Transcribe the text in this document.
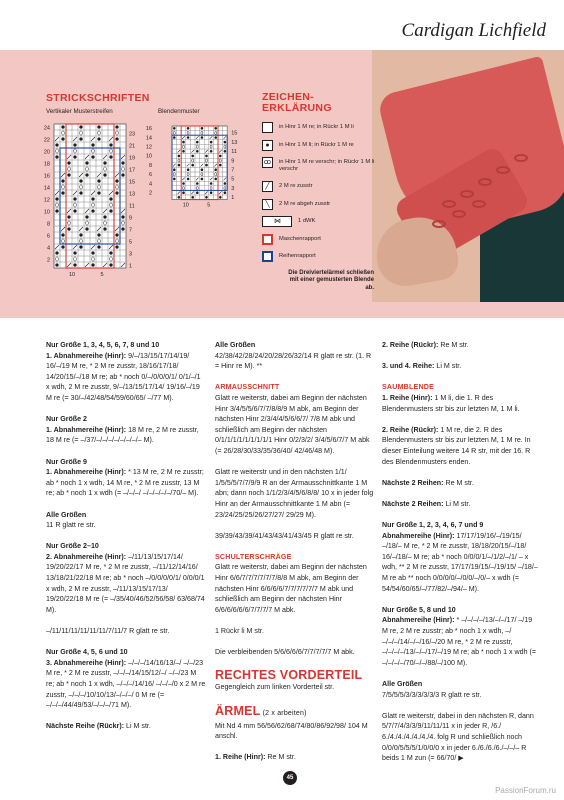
Cardigan Lichfield
STRICKSCHRIFTEN
Vertikaler Musterstreifen	Blendenmuster
24
22
20
18
16
14
12
10
8
6
4
2
23
21
19
17
15
13
11
9
7
5
3
1
10	5
16
14
12
10
8
6
4
2
15
13
11
9
7
5
3
1
10	5
ZEICHEN-
ERKLÄRUNG
in Hinr 1 M re; in Rückr 1 M li
●	in Hinr 1 M li; in Rückr 1 M re
ꝏ	in Hinr 1 M re verschr; in Rückr 1 M li verschr
╱	2 M re zusstr
╲	2 M re abgeh zusstr
⋈	1 dWK
Maschenrapport
Reihenrapport
Die Dreiviertelärmel schließen mit einer gemusterten Blende ab.

Nur Größe 1, 3, 4, 5, 6, 7, 8 und 10

1. Abnahmereihe (Hinr): 9/–/13/15/17/14/19/ 16/–/19 M re, * 2 M re zusstr, 18/16/17/18/ 14/20/15/–/18 M re; ab * noch 0/–/0/0/0/1/ 0/1/–/1 x wdh, 2 M re zusstr, 9/–/13/15/17/14/ 19/16/–/19 M re (= 30/–/42/48/54/59/60/65/ –/77 M).

Nur Größe 2

1. Abnahmereihe (Hinr): 18 M re, 2 M re zusstr, 18 M re (= –/37/–/–/–/–/–/–/–/– M).

Nur Größe 9

1. Abnahmereihe (Hinr): * 13 M re, 2 M re zusstr; ab * noch 1 x wdh, 14 M re, * 2 M re zusstr, 13 M re; ab * noch 1 x wdh (= –/–/–/ –/–/–/–/–/70/– M).

Alle Größen

11 R glatt re str.

Nur Größe 2–10

2. Abnahmereihe (Hinr): –/11/13/15/17/14/ 19/20/22/17 M re, * 2 M re zusstr, –/11/12/14/16/ 13/18/21/22/18 M re; ab * noch –/0/0/0/0/1/ 0/0/0/1 x wdh, 2 M re zusstr, –/11/13/15/17/13/ 19/20/22/18 M re (= –/35/40/46/52/56/58/ 63/68/74 M).

–/11/11/11/11/11/11/7/11/7 R glatt re str.

Nur Größe 4, 5, 6 und 10

3. Abnahmereihe (Hinr): –/–/–/14/16/13/–/ –/–/23 M re, * 2 M re zusstr, –/–/–/14/15/12/–/ –/–/23 M re; ab * noch 1 x wdh, –/–/–/14/16/ –/–/–/0 x 2 M re zusstr, –/–/–/10/10/13/–/–/–/ 0 M re (= –/–/–/44/49/53/–/–/–/71 M).

Nächste Reihe (Rückr): Li M str.

Alle Größen

42/38/42/28/24/20/28/26/32/14 R glatt re str. (1. R = Hinr re M). **

ARMAUSSCHNITT

Glatt re weiterstr, dabei am Beginn der nächsten Hinr 3/4/5/5/6/7/7/8/8/9 M abk, am Beginn der nächsten Hinr 2/3/4/4/5/6/6/7/ 7/8 M abk und schließlich am Beginn der nächsten 0/1/1/1/1/1/1/1/1/1 Hinr 0/2/3/2/ 3/4/5/6/7/7 M abk (= 26/28/30/33/35/36/40/ 42/46/48 M).

Glatt re weiterstr und in den nächsten 1/1/ 1/5/5/5/7/7/9/9 R an der Armausschnittkante 1 M abn; dann noch 1/1/2/3/4/5/6/8/8/ 10 x in jeder folg Hinr an der Armausschnittkante 1 M abn (= 23/24/25/25/26/27/27/ 29/29 M).

39/39/43/39/41/43/43/41/43/45 R glatt re str.

SCHULTERSCHRÄGE

Glatt re weiterstr, dabei am Beginn der nächsten Hinr 6/6/7/7/7/7/7/7/8/8 M abk, am Beginn der nächsten Hinr 6/6/6/6/7/7/7/7/7/7 M abk und schließlich am Beginn der nächsten Hinr 6/6/6/6/6/6/7/7/7/7 M abk.

1 Rückr li M str.

Die verbleibenden 5/6/6/6/6/7/7/7/7/7 M abk.

RECHTES VORDERTEIL

Gegengleich zum linken Vorderteil str.

ÄRMEL (2 x arbeiten)

Mit Nd 4 mm 56/56/62/68/74/80/86/92/98/ 104 M anschl.

1. Reihe (Hinr): Re M str.

2. Reihe (Rückr): Re M str.

3. und 4. Reihe: Li M str.

SAUMBLENDE

1. Reihe (Hinr): 1 M li, die 1. R des Blendenmusters str bis zur letzten M, 1 M li.

2. Reihe (Rückr): 1 M re, die 2. R des Blendenmusters str bis zur letzten M, 1 M re. In dieser Einteilung weitere 14 R str, mit der 16. R des Blendenmusters enden.

Nächste 2 Reihen: Re M str.

Nächste 2 Reihen: Li M str.

Nur Größe 1, 2, 3, 4, 6, 7 und 9

Abnahmereihe (Hinr): 17/17/19/16/–/19/15/ –/18/– M re, * 2 M re zusstr, 18/18/20/15/–/18/ 16/–/18/– M re; ab * noch 0/0/0/1/–/1/2/–/1/ – x wdh, ** 2 M re zusstr, 17/17/19/15/–/19/15/ –/18/– M re ab ** noch 0/0/0/0/–/0/0/–/0/– x wdh (= 54/54/60/65/–/77/82/–/94/– M).

Nur Größe 5, 8 und 10

Abnahmereihe (Hinr): * –/–/–/–/13/–/–/17/ –/19 M re, 2 M re zusstr; ab * noch 1 x wdh, –/ –/–/–/14/–/–/16/–/20 M re, * 2 M re zusstr, –/–/–/–/13/–/–/17/–/19 M re; ab * noch 1 x wdh (= –/–/–/–/70/–/–/88/–/100 M).

Alle Größen

7/5/5/5/3/3/3/3/3/3 R glatt re str.

Glatt re weiterstr, dabei in den nächsten R, dann 5/7/7/4/3/3/9/11/11/11 x in jeder R, /6./ 6./4./4./4./4./4./4. folg R und schließlich noch 0/0/0/5/5/5/1/0/0/0 x in jeder 6./6./6./6./–/–/– R beids 1 M zun (= 66/70/ ▶

45
PassionForum.ru
